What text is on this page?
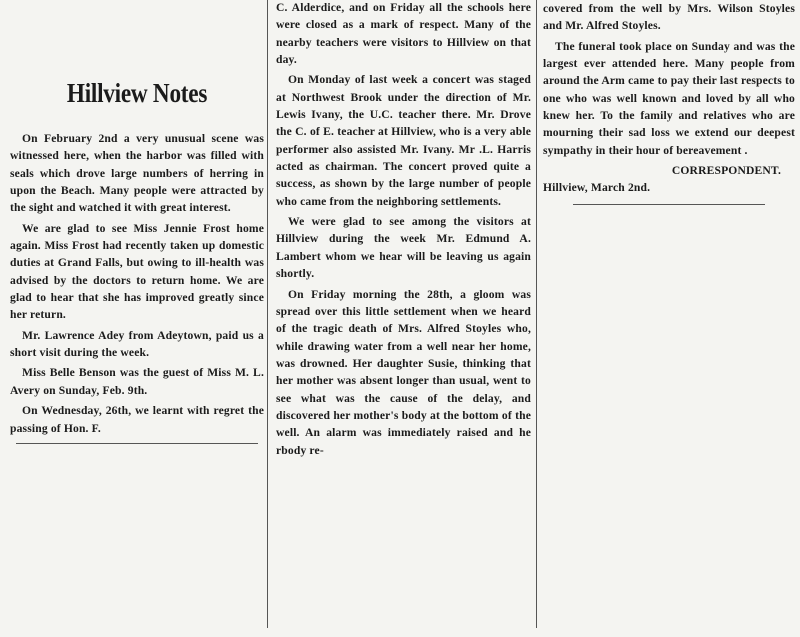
Hillview Notes

On February 2nd a very unusual scene was witnessed here, when the harbor was filled with seals which drove large numbers of herring in upon the Beach. Many people were attracted by the sight and watched it with great interest.

We are glad to see Miss Jennie Frost home again. Miss Frost had recently taken up domestic duties at Grand Falls, but owing to ill-health was advised by the doctors to return home. We are glad to hear that she has improved greatly since her return.

Mr. Lawrence Adey from Adeytown, paid us a short visit during the week.

Miss Belle Benson was the guest of Miss M. L. Avery on Sunday, Feb. 9th.

On Wednesday, 26th, we learnt with regret the passing of Hon. F.

C. Alderdice, and on Friday all the schools here were closed as a mark of respect. Many of the nearby teachers were visitors to Hillview on that day.

On Monday of last week a concert was staged at Northwest Brook under the direction of Mr. Lewis Ivany, the U.C. teacher there. Mr. Drove the C. of E. teacher at Hillview, who is a very able performer also assisted Mr. Ivany. Mr .L. Harris acted as chairman. The concert proved quite a success, as shown by the large number of people who came from the neighboring settlements.

We were glad to see among the visitors at Hillview during the week Mr. Edmund A. Lambert whom we hear will be leaving us again shortly.

On Friday morning the 28th, a gloom was spread over this little settlement when we heard of the tragic death of Mrs. Alfred Stoyles who, while drawing water from a well near her home, was drowned. Her daughter Susie, thinking that her mother was absent longer than usual, went to see what was the cause of the delay, and discovered her mother's body at the bottom of the well. An alarm was immediately raised and he rbody re-

covered from the well by Mrs. Wilson Stoyles and Mr. Alfred Stoyles.

The funeral took place on Sunday and was the largest ever attended here. Many people from around the Arm came to pay their last respects to one who was well known and loved by all who knew her. To the family and relatives who are mourning their sad loss we extend our deepest sympathy in their hour of bereavement .

CORRESPONDENT.

Hillview, March 2nd.
